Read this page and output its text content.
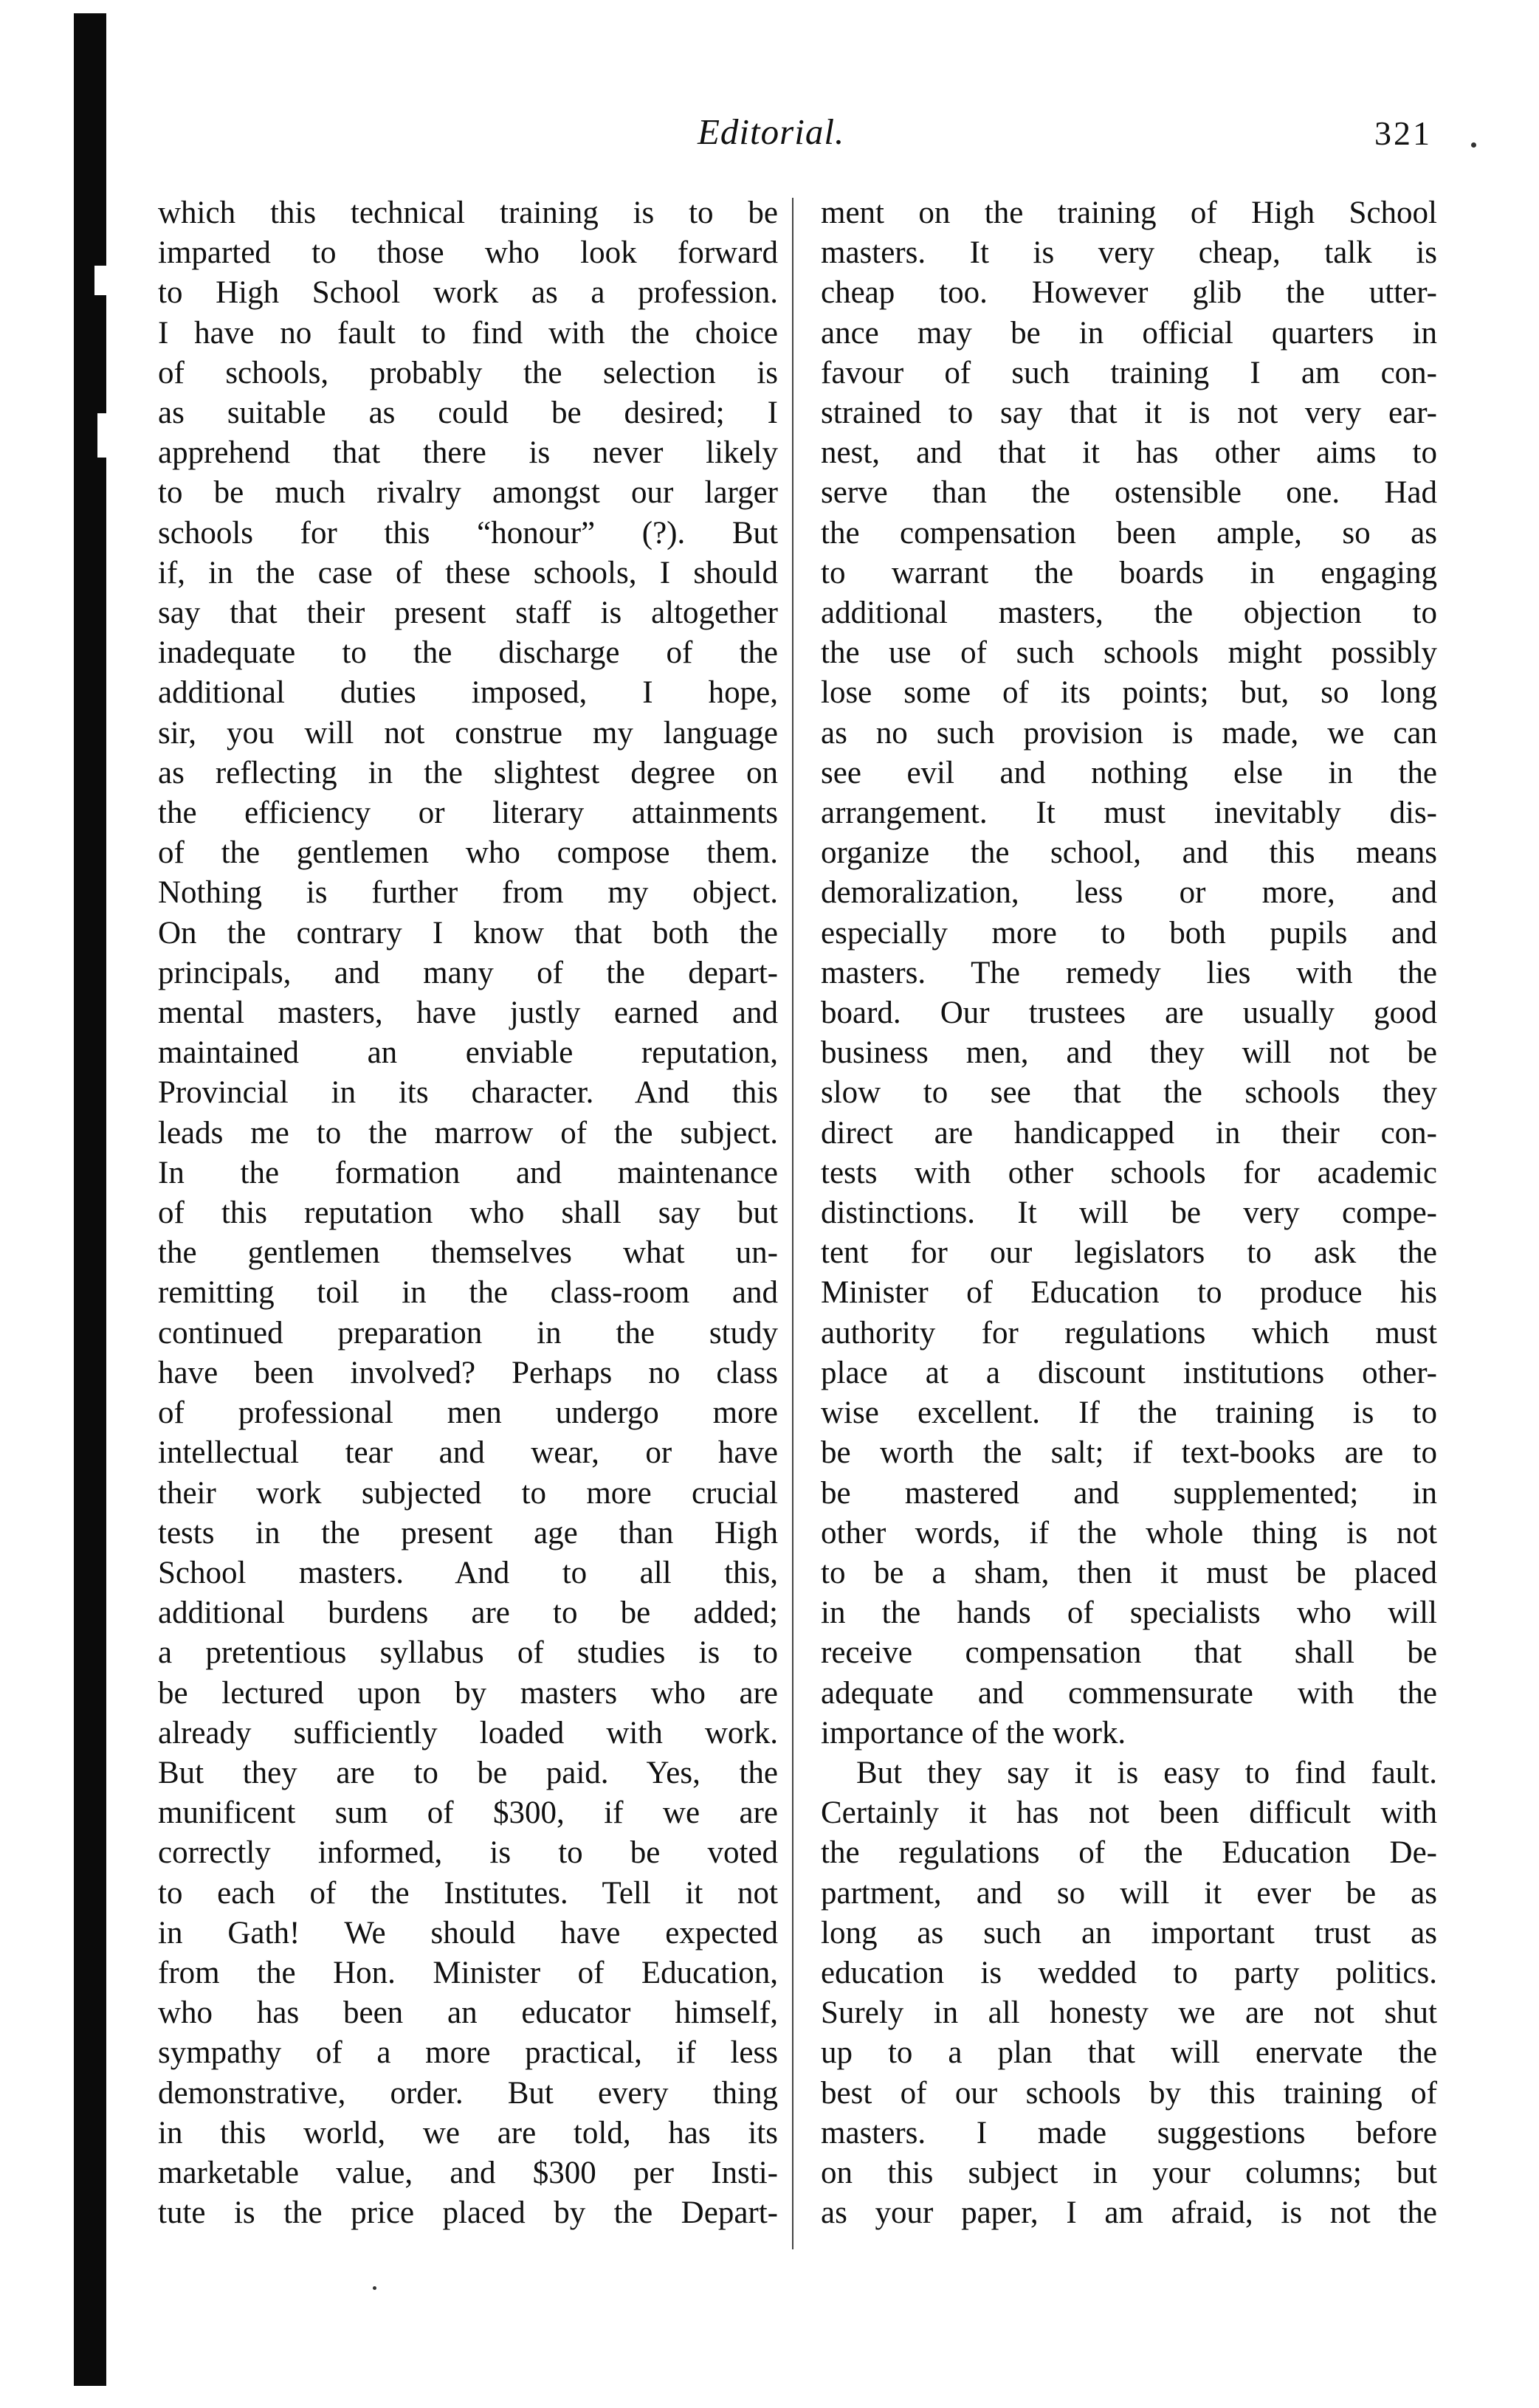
Editorial.	321
which this technical training is to be
imparted to those who look forward
to High School work as a profession.
I have no fault to find with the choice
of schools, probably the selection is
as suitable as could be desired; I
apprehend that there is never likely
to be much rivalry amongst our larger
schools for this “honour” (?). But
if, in the case of these schools, I should
say that their present staff is altogether
inadequate to the discharge of the
additional duties imposed, I hope,
sir, you will not construe my language
as reflecting in the slightest degree on
the efficiency or literary attainments
of the gentlemen who compose them.
Nothing is further from my object.
On the contrary I know that both the
principals, and many of the depart-
mental masters, have justly earned and
maintained an enviable reputation,
Provincial in its character. And this
leads me to the marrow of the subject.
In the formation and maintenance
of this reputation who shall say but
the gentlemen themselves what un-
remitting toil in the class-room and
continued preparation in the study
have been involved? Perhaps no class
of professional men undergo more
intellectual tear and wear, or have
their work subjected to more crucial
tests in the present age than High
School masters. And to all this,
additional burdens are to be added;
a pretentious syllabus of studies is to
be lectured upon by masters who are
already sufficiently loaded with work.
But they are to be paid. Yes, the
munificent sum of $300, if we are
correctly informed, is to be voted
to each of the Institutes. Tell it not
in Gath! We should have expected
from the Hon. Minister of Education,
who has been an educator himself,
sympathy of a more practical, if less
demonstrative, order. But every thing
in this world, we are told, has its
marketable value, and $300 per Insti-
tute is the price placed by the Depart-
ment on the training of High School
masters. It is very cheap, talk is
cheap too. However glib the utter-
ance may be in official quarters in
favour of such training I am con-
strained to say that it is not very ear-
nest, and that it has other aims to
serve than the ostensible one. Had
the compensation been ample, so as
to warrant the boards in engaging
additional masters, the objection to
the use of such schools might possibly
lose some of its points; but, so long
as no such provision is made, we can
see evil and nothing else in the
arrangement. It must inevitably dis-
organize the school, and this means
demoralization, less or more, and
especially more to both pupils and
masters. The remedy lies with the
board. Our trustees are usually good
business men, and they will not be
slow to see that the schools they
direct are handicapped in their con-
tests with other schools for academic
distinctions. It will be very compe-
tent for our legislators to ask the
Minister of Education to produce his
authority for regulations which must
place at a discount institutions other-
wise excellent. If the training is to
be worth the salt; if text-books are to
be mastered and supplemented; in
other words, if the whole thing is not
to be a sham, then it must be placed
in the hands of specialists who will
receive compensation that shall be
adequate and commensurate with the
importance of the work.
But they say it is easy to find fault.
Certainly it has not been difficult with
the regulations of the Education De-
partment, and so will it ever be as
long as such an important trust as
education is wedded to party politics.
Surely in all honesty we are not shut
up to a plan that will enervate the
best of our schools by this training of
masters. I made suggestions before
on this subject in your columns; but
as your paper, I am afraid, is not the
